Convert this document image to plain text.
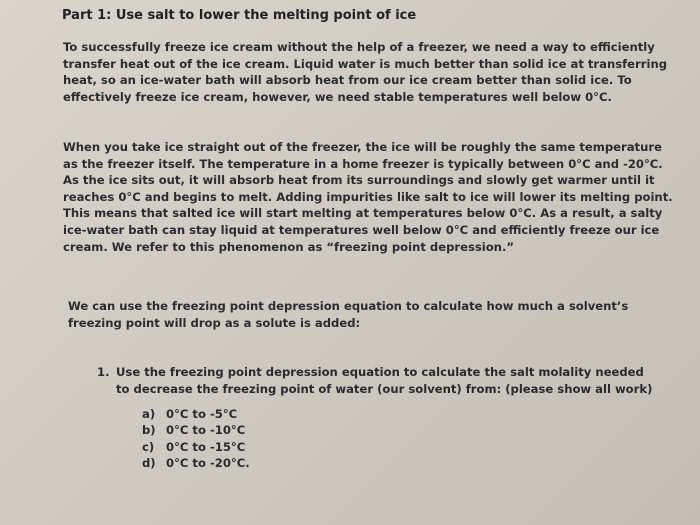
Part 1: Use salt to lower the melting point of ice
To successfully freeze ice cream without the help of a freezer, we need a way to efficiently transfer heat out of the ice cream. Liquid water is much better than solid ice at transferring heat, so an ice-water bath will absorb heat from our ice cream better than solid ice. To effectively freeze ice cream, however, we need stable temperatures well below 0°C.
When you take ice straight out of the freezer, the ice will be roughly the same temperature as the freezer itself. The temperature in a home freezer is typically between 0°C and -20°C. As the ice sits out, it will absorb heat from its surroundings and slowly get warmer until it reaches 0°C and begins to melt. Adding impurities like salt to ice will lower its melting point. This means that salted ice will start melting at temperatures below 0°C. As a result, a salty ice-water bath can stay liquid at temperatures well below 0°C and efficiently freeze our ice cream. We refer to this phenomenon as “freezing point depression.”
We can use the freezing point depression equation to calculate how much a solvent’s freezing point will drop as a solute is added:
1. Use the freezing point depression equation to calculate the salt molality needed to decrease the freezing point of water (our solvent) from: (please show all work)
a) 0°C to -5°C
b) 0°C to -10°C
c) 0°C to -15°C
d) 0°C to -20°C.
